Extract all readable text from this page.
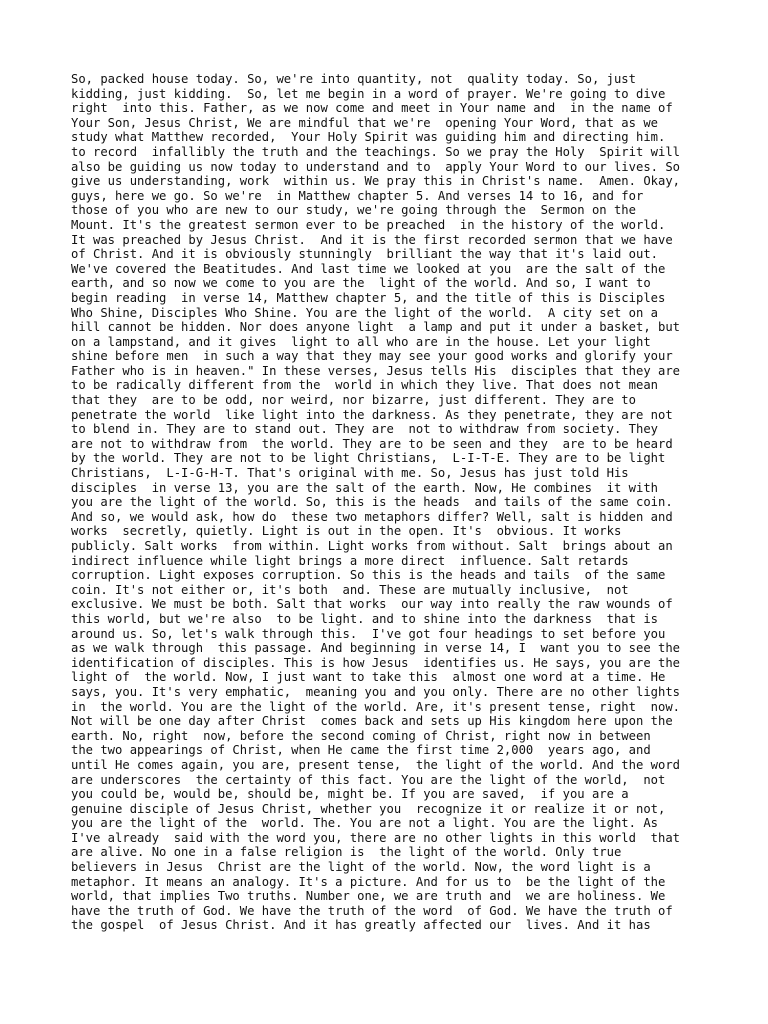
So, packed house today. So, we're into quantity, not  quality today. So, just
kidding, just kidding.  So, let me begin in a word of prayer. We're going to dive
right  into this. Father, as we now come and meet in Your name and  in the name of
Your Son, Jesus Christ, We are mindful that we're  opening Your Word, that as we
study what Matthew recorded,  Your Holy Spirit was guiding him and directing him.
to record  infallibly the truth and the teachings. So we pray the Holy  Spirit will
also be guiding us now today to understand and to  apply Your Word to our lives. So
give us understanding, work  within us. We pray this in Christ's name.  Amen. Okay,
guys, here we go. So we're  in Matthew chapter 5. And verses 14 to 16, and for
those of you who are new to our study, we're going through the  Sermon on the
Mount. It's the greatest sermon ever to be preached  in the history of the world.
It was preached by Jesus Christ.  And it is the first recorded sermon that we have
of Christ. And it is obviously stunningly  brilliant the way that it's laid out.
We've covered the Beatitudes. And last time we looked at you  are the salt of the
earth, and so now we come to you are the  light of the world. And so, I want to
begin reading  in verse 14, Matthew chapter 5, and the title of this is Disciples
Who Shine, Disciples Who Shine. You are the light of the world.  A city set on a
hill cannot be hidden. Nor does anyone light  a lamp and put it under a basket, but
on a lampstand, and it gives  light to all who are in the house. Let your light
shine before men  in such a way that they may see your good works and glorify your
Father who is in heaven." In these verses, Jesus tells His  disciples that they are
to be radically different from the  world in which they live. That does not mean
that they  are to be odd, nor weird, nor bizarre, just different. They are to
penetrate the world  like light into the darkness. As they penetrate, they are not
to blend in. They are to stand out. They are  not to withdraw from society. They
are not to withdraw from  the world. They are to be seen and they  are to be heard
by the world. They are not to be light Christians,  L-I-T-E. They are to be light
Christians,  L-I-G-H-T. That's original with me. So, Jesus has just told His
disciples  in verse 13, you are the salt of the earth. Now, He combines  it with
you are the light of the world. So, this is the heads  and tails of the same coin.
And so, we would ask, how do  these two metaphors differ? Well, salt is hidden and
works  secretly, quietly. Light is out in the open. It's  obvious. It works
publicly. Salt works  from within. Light works from without. Salt  brings about an
indirect influence while light brings a more direct  influence. Salt retards
corruption. Light exposes corruption. So this is the heads and tails  of the same
coin. It's not either or, it's both  and. These are mutually inclusive,  not
exclusive. We must be both. Salt that works  our way into really the raw wounds of
this world, but we're also  to be light. and to shine into the darkness  that is
around us. So, let's walk through this.  I've got four headings to set before you
as we walk through  this passage. And beginning in verse 14, I  want you to see the
identification of disciples. This is how Jesus  identifies us. He says, you are the
light of  the world. Now, I just want to take this  almost one word at a time. He
says, you. It's very emphatic,  meaning you and you only. There are no other lights
in  the world. You are the light of the world. Are, it's present tense, right  now.
Not will be one day after Christ  comes back and sets up His kingdom here upon the
earth. No, right  now, before the second coming of Christ, right now in between
the two appearings of Christ, when He came the first time 2,000  years ago, and
until He comes again, you are, present tense,  the light of the world. And the word
are underscores  the certainty of this fact. You are the light of the world,  not
you could be, would be, should be, might be. If you are saved,  if you are a
genuine disciple of Jesus Christ, whether you  recognize it or realize it or not,
you are the light of the  world. The. You are not a light. You are the light. As
I've already  said with the word you, there are no other lights in this world  that
are alive. No one in a false religion is  the light of the world. Only true
believers in Jesus  Christ are the light of the world. Now, the word light is a
metaphor. It means an analogy. It's a picture. And for us to  be the light of the
world, that implies Two truths. Number one, we are truth and  we are holiness. We
have the truth of God. We have the truth of the word  of God. We have the truth of
the gospel  of Jesus Christ. And it has greatly affected our  lives. And it has
